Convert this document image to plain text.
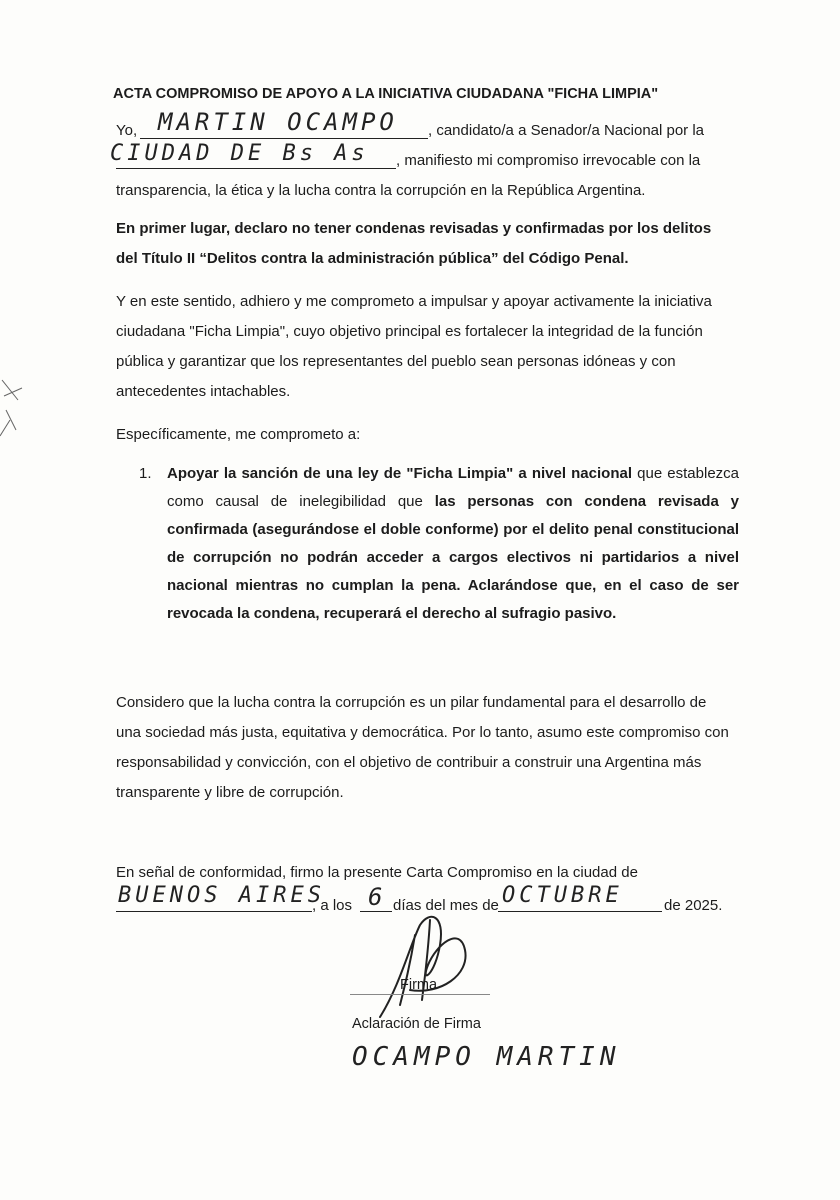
ACTA COMPROMISO DE APOYO A LA INICIATIVA CIUDADANA "FICHA LIMPIA"
Yo, MARTIN OCAMPO , candidato/a a Senador/a Nacional por la
CIUDAD DE Bs As , manifiesto mi compromiso irrevocable con la
transparencia, la ética y la lucha contra la corrupción en la República Argentina.

En primer lugar, declaro no tener condenas revisadas y confirmadas por los delitos del Título II “Delitos contra la administración pública” del Código Penal.

Y en este sentido, adhiero y me comprometo a impulsar y apoyar activamente la iniciativa ciudadana "Ficha Limpia", cuyo objetivo principal es fortalecer la integridad de la función pública y garantizar que los representantes del pueblo sean personas idóneas y con antecedentes intachables.

Específicamente, me comprometo a:

1.	Apoyar la sanción de una ley de "Ficha Limpia" a nivel nacional que establezca como causal de inelegibilidad que las personas con condena revisada y confirmada (asegurándose el doble conforme) por el delito penal constitucional de corrupción no podrán acceder a cargos electivos ni partidarios a nivel nacional mientras no cumplan la pena. Aclarándose que, en el caso de ser revocada la condena, recuperará el derecho al sufragio pasivo.

Considero que la lucha contra la corrupción es un pilar fundamental para el desarrollo de una sociedad más justa, equitativa y democrática. Por lo tanto, asumo este compromiso con responsabilidad y convicción, con el objetivo de contribuir a construir una Argentina más transparente y libre de corrupción.

En señal de conformidad, firmo la presente Carta Compromiso en la ciudad de

BUENOS AIRES
, a los 6 días del mes de OCTUBRE	de 2025.
Firma
Aclaración de Firma
OCAMPO MARTIN
